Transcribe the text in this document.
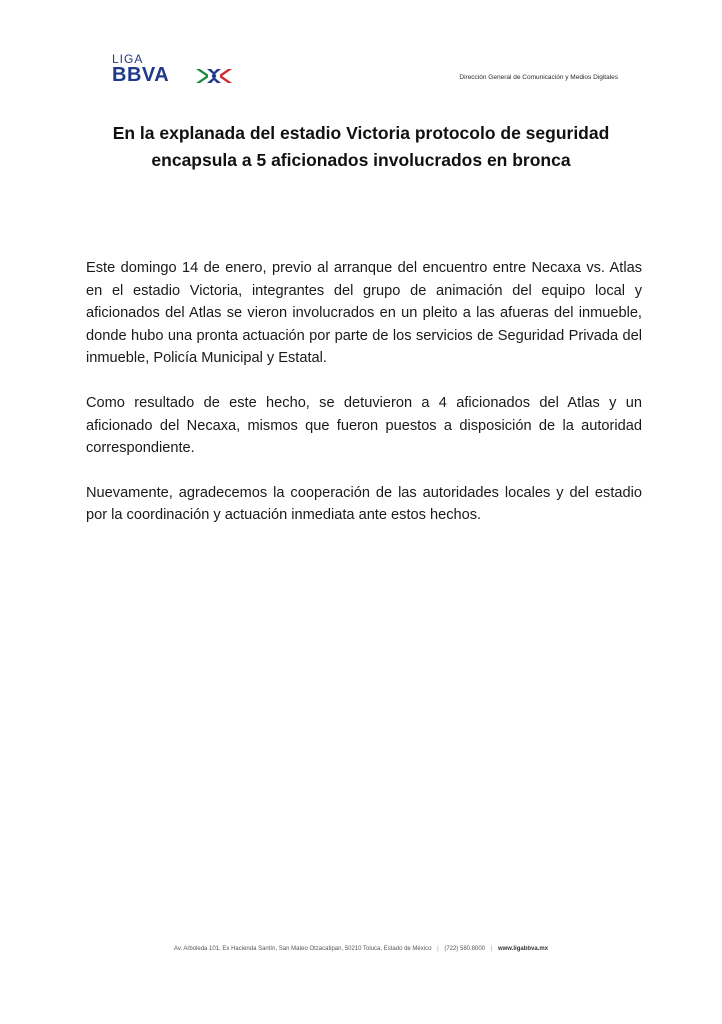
LIGA
BBVA	Dirección General de Comunicación y Medios Digitales
En la explanada del estadio Victoria protocolo de seguridad
encapsula a 5 aficionados involucrados en bronca

Este domingo 14 de enero, previo al arranque del encuentro entre Necaxa vs. Atlas en el estadio Victoria, integrantes del grupo de animación del equipo local y aficionados del Atlas se vieron involucrados en un pleito a las afueras del inmueble, donde hubo una pronta actuación por parte de los servicios de Seguridad Privada del inmueble, Policía Municipal y Estatal.

Como resultado de este hecho, se detuvieron a 4 aficionados del Atlas y un aficionado del Necaxa, mismos que fueron puestos a disposición de la autoridad correspondiente.

Nuevamente, agradecemos la cooperación de las autoridades locales y del estadio por la coordinación y actuación inmediata ante estos hechos.

Av. Arboleda 101, Ex Hacienda Santín, San Mateo Otzacatipan, 50210 Toluca, Estado de México | (722) 580.8000 | www.ligabbva.mx
